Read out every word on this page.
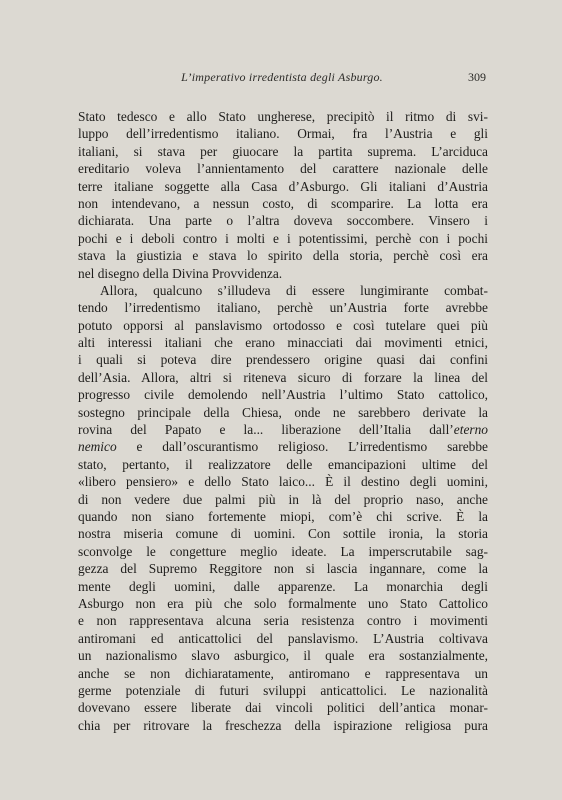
L’imperativo irredentista degli Asburgo.	309
Stato tedesco e allo Stato ungherese, precipitò il ritmo di svi-
luppo dell’irredentismo italiano. Ormai, fra l’Austria e gli
italiani, si stava per giuocare la partita suprema. L’arciduca
ereditario voleva l’annientamento del carattere nazionale delle
terre italiane soggette alla Casa d’Asburgo. Gli italiani d’Austria
non intendevano, a nessun costo, di scomparire. La lotta era
dichiarata. Una parte o l’altra doveva soccombere. Vinsero i
pochi e i deboli contro i molti e i potentissimi, perchè con i pochi
stava la giustizia e stava lo spirito della storia, perchè così era
nel disegno della Divina Provvidenza.
Allora, qualcuno s’illudeva di essere lungimirante combat-
tendo l’irredentismo italiano, perchè un’Austria forte avrebbe
potuto opporsi al panslavismo ortodosso e così tutelare quei più
alti interessi italiani che erano minacciati dai movimenti etnici,
i quali si poteva dire prendessero origine quasi dai confini
dell’Asia. Allora, altri si riteneva sicuro di forzare la linea del
progresso civile demolendo nell’Austria l’ultimo Stato cattolico,
sostegno principale della Chiesa, onde ne sarebbero derivate la
rovina del Papato e la... liberazione dell’Italia dall’eterno
nemico e dall’oscurantismo religioso. L’irredentismo sarebbe
stato, pertanto, il realizzatore delle emancipazioni ultime del
«libero pensiero» e dello Stato laico... È il destino degli uomini,
di non vedere due palmi più in là del proprio naso, anche
quando non siano fortemente miopi, com’è chi scrive. È la
nostra miseria comune di uomini. Con sottile ironia, la storia
sconvolge le congetture meglio ideate. La imperscrutabile sag-
gezza del Supremo Reggitore non si lascia ingannare, come la
mente degli uomini, dalle apparenze. La monarchia degli
Asburgo non era più che solo formalmente uno Stato Cattolico
e non rappresentava alcuna seria resistenza contro i movimenti
antiromani ed anticattolici del panslavismo. L’Austria coltivava
un nazionalismo slavo asburgico, il quale era sostanzialmente,
anche se non dichiaratamente, antiromano e rappresentava un
germe potenziale di futuri sviluppi anticattolici. Le nazionalità
dovevano essere liberate dai vincoli politici dell’antica monar-
chia per ritrovare la freschezza della ispirazione religiosa pura
